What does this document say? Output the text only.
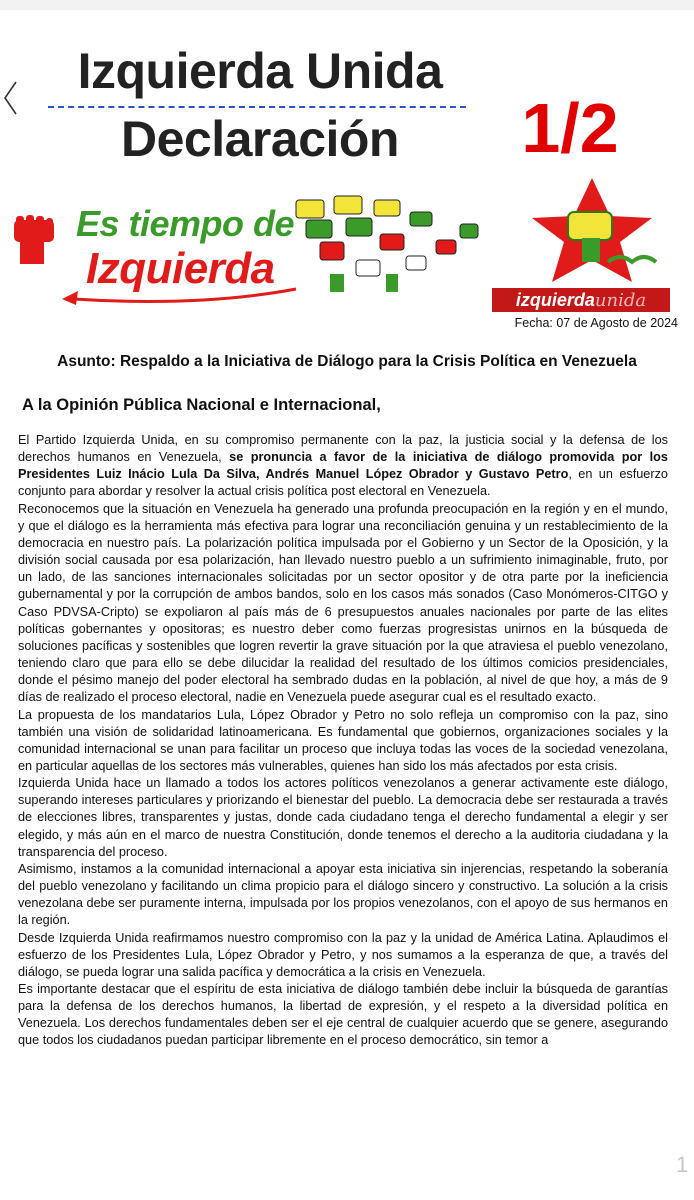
Izquierda Unida
Declaración	1/2
Es tiempo de
Izquierda
izquierdaunida
Fecha: 07 de Agosto de 2024
Asunto: Respaldo a la Iniciativa de Diálogo para la Crisis Política en Venezuela
A la Opinión Pública Nacional e Internacional,

El Partido Izquierda Unida, en su compromiso permanente con la paz, la justicia social y la defensa de los derechos humanos en Venezuela, se pronuncia a favor de la iniciativa de diálogo promovida por los Presidentes Luiz Inácio Lula Da Silva, Andrés Manuel López Obrador y Gustavo Petro, en un esfuerzo conjunto para abordar y resolver la actual crisis política post electoral en Venezuela.

Reconocemos que la situación en Venezuela ha generado una profunda preocupación en la región y en el mundo, y que el diálogo es la herramienta más efectiva para lograr una reconciliación genuina y un restablecimiento de la democracia en nuestro país. La polarización política impulsada por el Gobierno y un Sector de la Oposición, y la división social causada por esa polarización, han llevado nuestro pueblo a un sufrimiento inimaginable, fruto, por un lado, de las sanciones internacionales solicitadas por un sector opositor y de otra parte por la ineficiencia gubernamental y por la corrupción de ambos bandos, solo en los casos más sonados (Caso Monómeros-CITGO y Caso PDVSA-Cripto) se expoliaron al país más de 6 presupuestos anuales nacionales por parte de las elites políticas gobernantes y opositoras; es nuestro deber como fuerzas progresistas unirnos en la búsqueda de soluciones pacíficas y sostenibles que logren revertir la grave situación por la que atraviesa el pueblo venezolano, teniendo claro que para ello se debe dilucidar la realidad del resultado de los últimos comicios presidenciales, donde el pésimo manejo del poder electoral ha sembrado dudas en la población, al nivel de que hoy, a más de 9 días de realizado el proceso electoral, nadie en Venezuela puede asegurar cual es el resultado exacto.

La propuesta de los mandatarios Lula, López Obrador y Petro no solo refleja un compromiso con la paz, sino también una visión de solidaridad latinoamericana. Es fundamental que gobiernos, organizaciones sociales y la comunidad internacional se unan para facilitar un proceso que incluya todas las voces de la sociedad venezolana, en particular aquellas de los sectores más vulnerables, quienes han sido los más afectados por esta crisis.

Izquierda Unida hace un llamado a todos los actores políticos venezolanos a generar activamente este diálogo, superando intereses particulares y priorizando el bienestar del pueblo. La democracia debe ser restaurada a través de elecciones libres, transparentes y justas, donde cada ciudadano tenga el derecho fundamental a elegir y ser elegido, y más aún en el marco de nuestra Constitución, donde tenemos el derecho a la auditoria ciudadana y la transparencia del proceso.

Asimismo, instamos a la comunidad internacional a apoyar esta iniciativa sin injerencias, respetando la soberanía del pueblo venezolano y facilitando un clima propicio para el diálogo sincero y constructivo. La solución a la crisis venezolana debe ser puramente interna, impulsada por los propios venezolanos, con el apoyo de sus hermanos en la región.

Desde Izquierda Unida reafirmamos nuestro compromiso con la paz y la unidad de América Latina. Aplaudimos el esfuerzo de los Presidentes Lula, López Obrador y Petro, y nos sumamos a la esperanza de que, a través del diálogo, se pueda lograr una salida pacífica y democrática a la crisis en Venezuela.

Es importante destacar que el espíritu de esta iniciativa de diálogo también debe incluir la búsqueda de garantías para la defensa de los derechos humanos, la libertad de expresión, y el respeto a la diversidad política en Venezuela. Los derechos fundamentales deben ser el eje central de cualquier acuerdo que se genere, asegurando que todos los ciudadanos puedan participar libremente en el proceso democrático, sin temor a

1
